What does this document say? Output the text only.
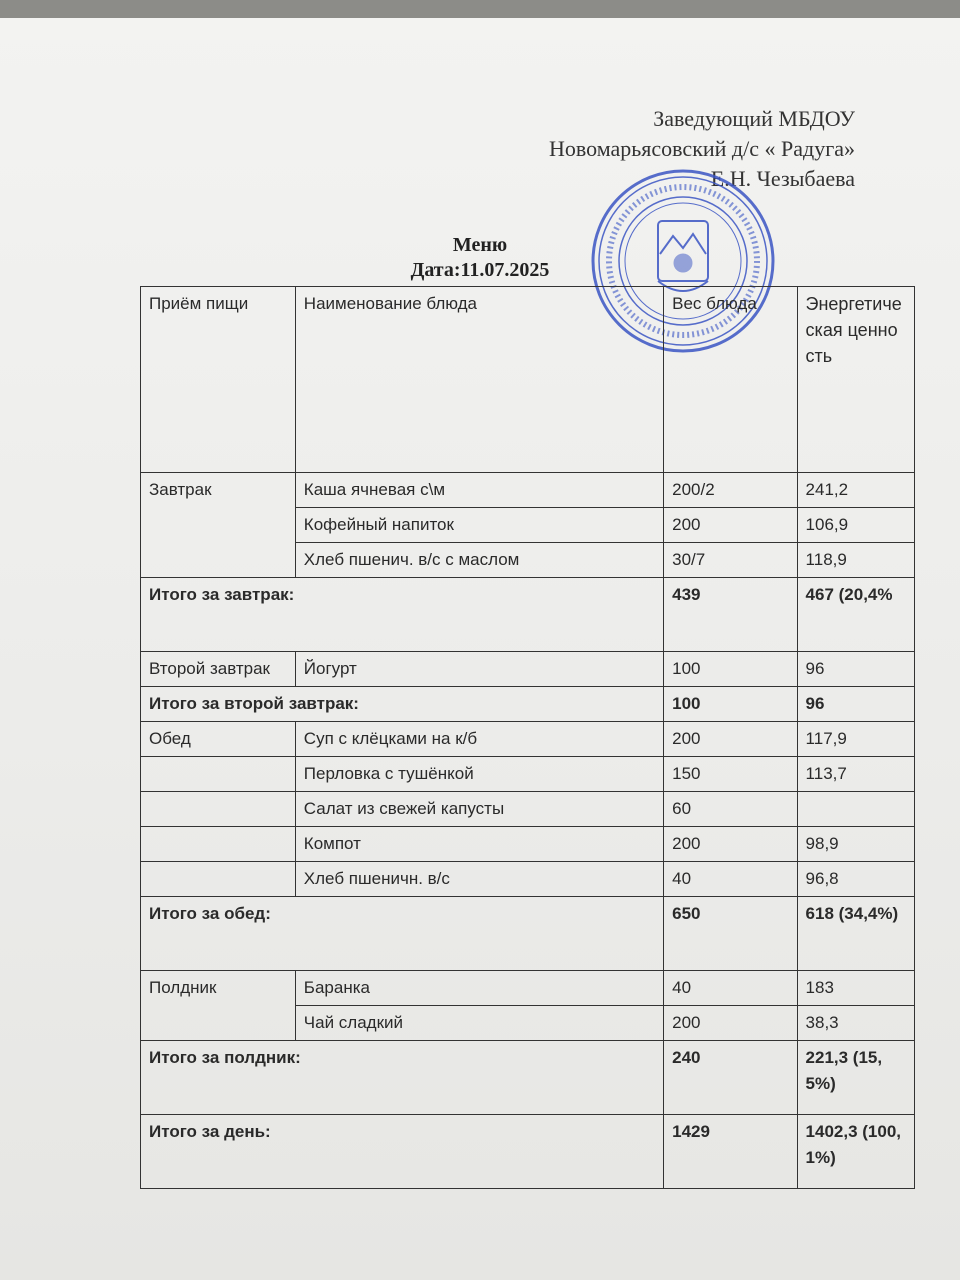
Заведующий МБДОУ
Новомарьясовский д/с « Радуга»
Е.Н. Чезыбаева
Меню
Дата:11.07.2025
Приём пищи	Наименование блюда	Вес блюда	Энергетическая ценность
Завтрак	Каша ячневая с\м	200/2	241,2
	Кофейный напиток	200	106,9
	Хлеб пшенич. в/с с маслом	30/7	118,9
Итого за завтрак:		439	467 (20,4%
Второй завтрак	Йогурт	100	96
Итого за второй завтрак:		100	96
Обед	Суп с клёцками на к/б	200	117,9
	Перловка с тушёнкой	150	113,7
	Салат из свежей капусты	60	
	Компот	200	98,9
	Хлеб пшеничн. в/с	40	96,8
Итого за обед:		650	618 (34,4%)
Полдник	Баранка	40	183
	Чай сладкий	200	38,3
Итого за полдник:		240	221,3 (15,5%)
Итого за день:		1429	1402,3 (100,1%)
